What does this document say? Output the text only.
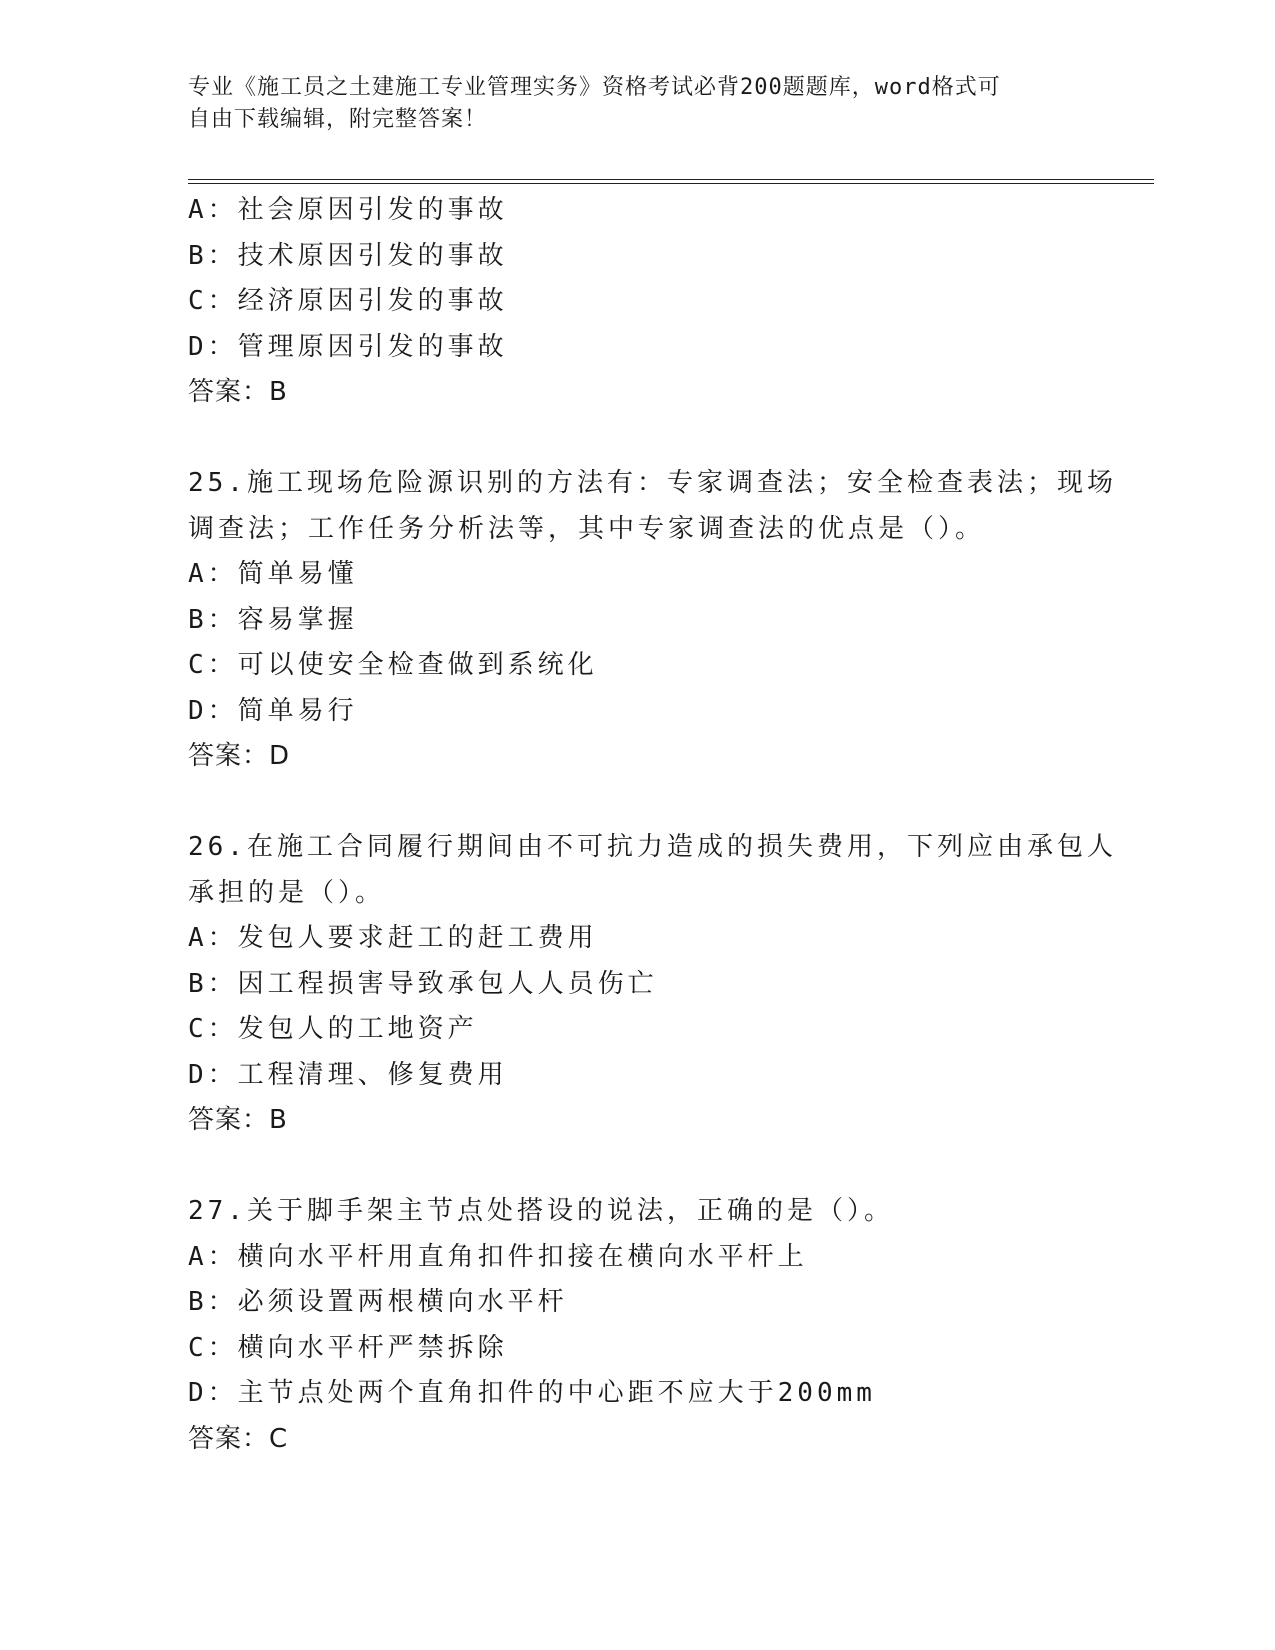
专业《施工员之土建施工专业管理实务》资格考试必背200题题库，word格式可
自由下载编辑，附完整答案！

A：社会原因引发的事故

B：技术原因引发的事故

C：经济原因引发的事故

D：管理原因引发的事故

答案：B

25.施工现场危险源识别的方法有：专家调查法；安全检查表法；现场

调查法；工作任务分析法等，其中专家调查法的优点是（）。

A：简单易懂

B：容易掌握

C：可以使安全检查做到系统化

D：简单易行

答案：D

26.在施工合同履行期间由不可抗力造成的损失费用，下列应由承包人

承担的是（）。

A：发包人要求赶工的赶工费用

B：因工程损害导致承包人人员伤亡

C：发包人的工地资产

D：工程清理、修复费用

答案：B

27.关于脚手架主节点处搭设的说法，正确的是（）。

A：横向水平杆用直角扣件扣接在横向水平杆上

B：必须设置两根横向水平杆

C：横向水平杆严禁拆除

D：主节点处两个直角扣件的中心距不应大于200mm

答案：C
